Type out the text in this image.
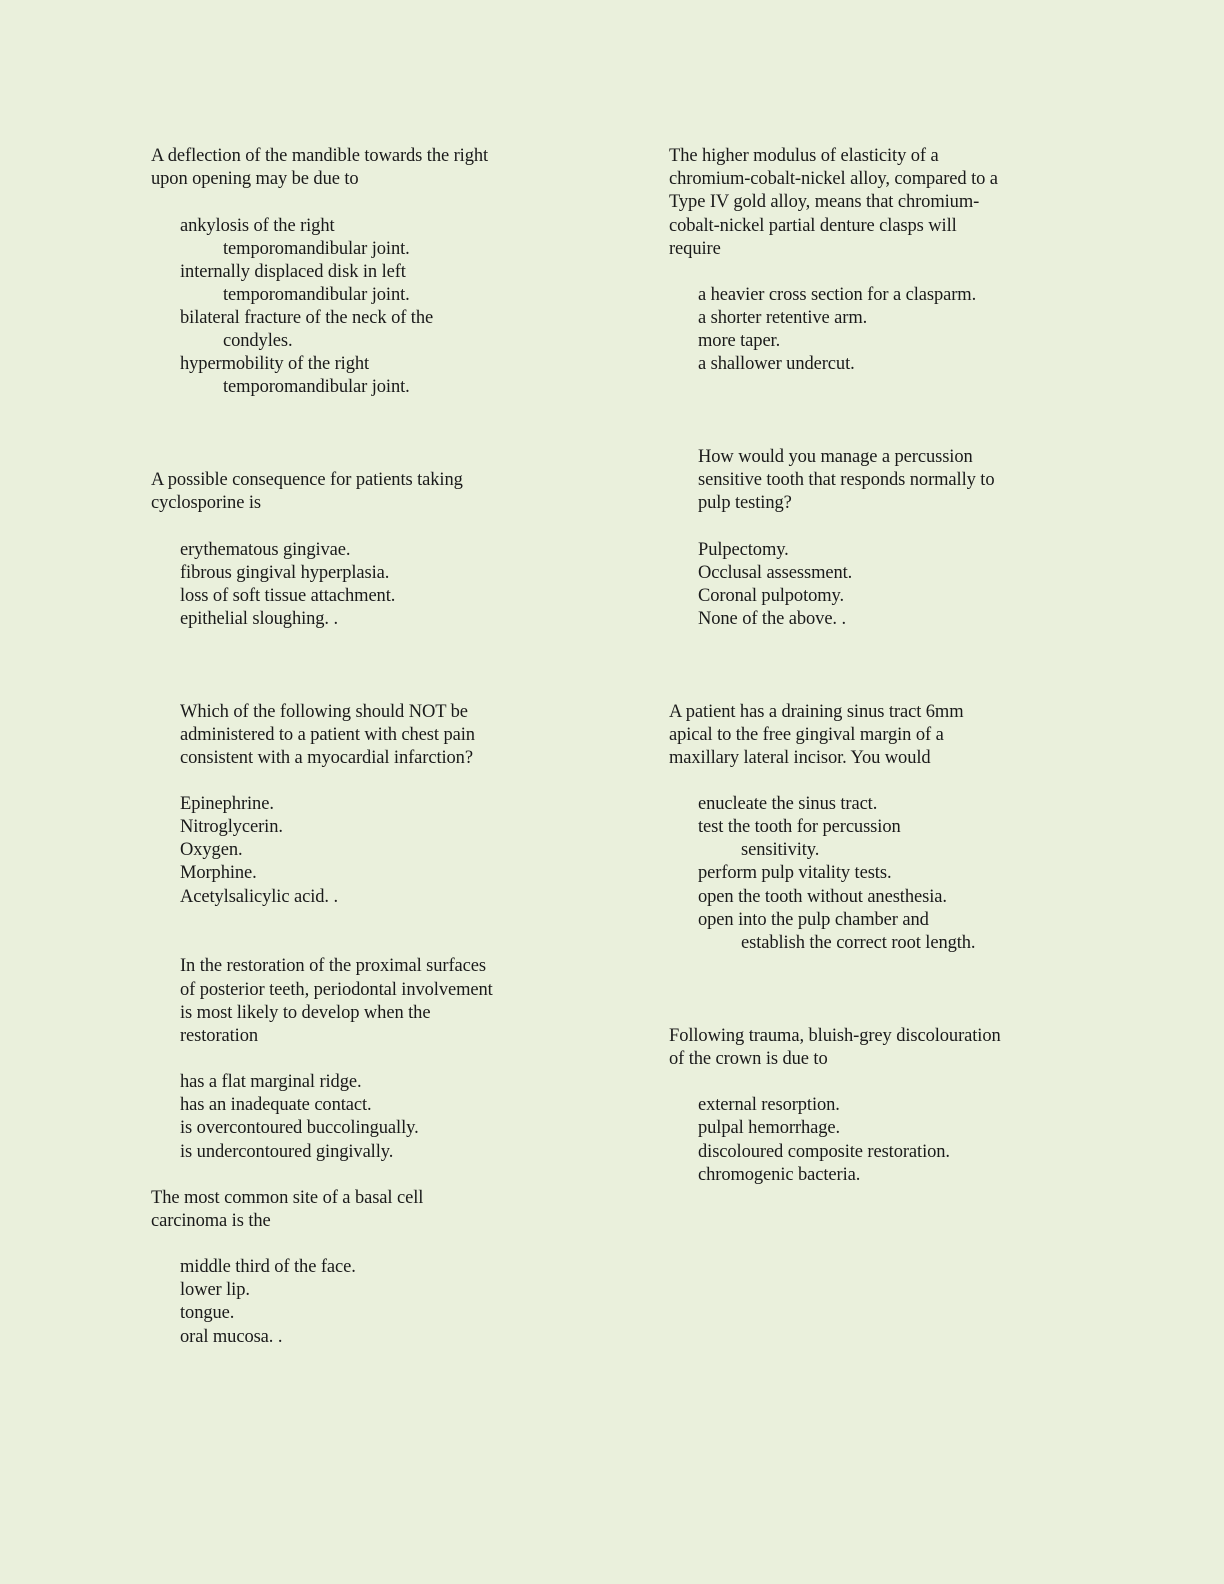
A deflection of the mandible towards the right
upon opening may be due to
ankylosis of the right
temporomandibular joint.
internally displaced disk in left
temporomandibular joint.
bilateral fracture of the neck of the
condyles.
hypermobility of the right
temporomandibular joint.
A possible consequence for patients taking
cyclosporine is
erythematous gingivae.
fibrous gingival hyperplasia.
loss of soft tissue attachment.
epithelial sloughing. .
Which of the following should NOT be
administered to a patient with chest pain
consistent with a myocardial infarction?
Epinephrine.
Nitroglycerin.
Oxygen.
Morphine.
Acetylsalicylic acid. .
In the restoration of the proximal surfaces
of posterior teeth, periodontal involvement
is most likely to develop when the
restoration
has a flat marginal ridge.
has an inadequate contact.
is overcontoured buccolingually.
is undercontoured gingivally.
The most common site of a basal cell
carcinoma is the
middle third of the face.
lower lip.
tongue.
oral mucosa. .
The higher modulus of elasticity of a
chromium-cobalt-nickel alloy, compared to a
Type IV gold alloy, means that chromium-
cobalt-nickel partial denture clasps will
require
a heavier cross section for a clasparm.
a shorter retentive arm.
more taper.
a shallower undercut.
How would you manage a percussion
sensitive tooth that responds normally to
pulp testing?
Pulpectomy.
Occlusal assessment.
Coronal pulpotomy.
None of the above. .
A patient has a draining sinus tract 6mm
apical to the free gingival margin of a
maxillary lateral incisor. You would
enucleate the sinus tract.
test the tooth for percussion
sensitivity.
perform pulp vitality tests.
open the tooth without anesthesia.
open into the pulp chamber and
establish the correct root length.
Following trauma, bluish-grey discolouration
of the crown is due to
external resorption.
pulpal hemorrhage.
discoloured composite restoration.
chromogenic bacteria.
